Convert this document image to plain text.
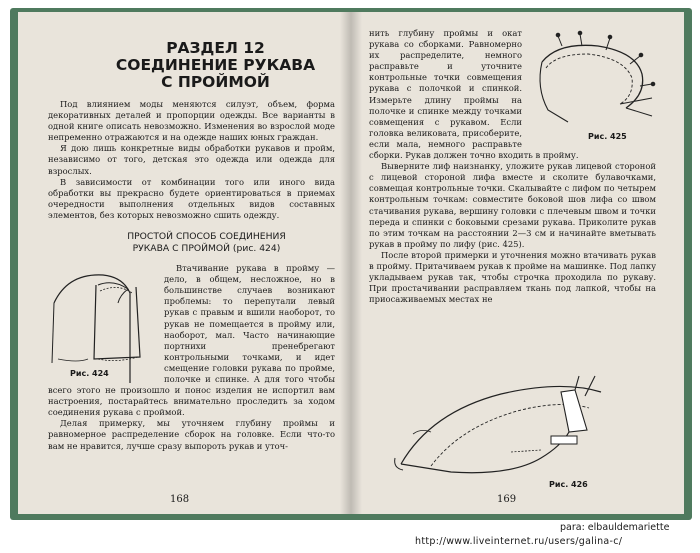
РАЗДЕЛ 12
СОЕДИНЕНИЕ РУКАВА
С ПРОЙМОЙ

Под влиянием моды меняются силуэт, объем, форма декоративных деталей и пропорции одежды. Все варианты в одной книге описать невозможно. Изменения во взрослой моде непременно отражаются и на одежде наших юных граждан.

Я дою лишь конкретные виды обработки рукавов и пройм, независимо от того, детская это одежда или одежда для взрослых.

В зависимости от комбинации того или иного вида обработки вы прекрасно будете ориентироваться в приемах очередности выполнения отдельных видов составных элементов, без которых невозможно сшить одежду.

ПРОСТОЙ СПОСОБ СОЕДИНЕНИЯ
РУКАВА С ПРОЙМОЙ (рис. 424)
Рис. 424

Втачивание рукава в пройму — дело, в общем, несложное, но в большинстве случаев возникают проблемы: то перепутали левый рукав с правым и вшили наоборот, то рукав не помещается в пройму или, наоборот, мал. Часто начинающие портнихи пренебрегают контрольными точками, и идет смещение головки рукава по пройме, полочке и спинке. А для того чтобы всего этого не произошло и понос изделия не испортил вам настроения, постарайтесь внимательно проследить за ходом соединения рукава с проймой.

Делая примерку, мы уточняем глубину проймы и равномерное распределение сборок на головке. Если что-то вам не нравится, лучше сразу выпороть рукав и уточ-

168
Рис. 425

нить глубину проймы и окат рукава со сборками. Равномерно их распределите, немного расправьте и уточните контрольные точки совмещения рукава с полочкой и спинкой. Измерьте длину проймы на полочке и спинке между точками совмещения с рукавом. Если головка великовата, присоберите, если мала, немного расправьте сборки. Рукав должен точно входить в пройму.

Выверните лиф наизнанку, уложите рукав лицевой стороной с лицевой стороной лифа вместе и сколите булавочками, совмещая контрольные точки. Скалывайте с лифом по четырем контрольным точкам: совместите боковой шов лифа со швом стачивания рукава, вершину головки с плечевым швом и точки переда и спинки с боковыми срезами рукава. Приколите рукав по этим точкам на расстоянии 2—3 см и начинайте вметывать рукав в пройму по лифу (рис. 425).

После второй примерки и уточнения можно втачивать рукав в пройму. Притачиваем рукав к пройме на машинке. Под лапку укладываем рукав так, чтобы строчка проходила по рукаву. При простачивании расправляем ткань под лапкой, чтобы на приосаживаемых местах не

Рис. 426
169
para: elbauldemariette
http://www.liveinternet.ru/users/galina-c/
